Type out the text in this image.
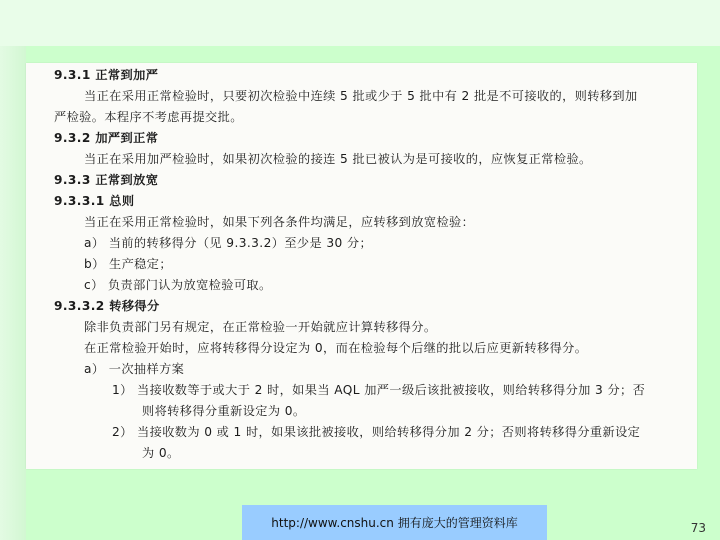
9.3.1 正常到加严
当正在采用正常检验时，只要初次检验中连续 5 批或少于 5 批中有 2 批是不可接收的，则转移到加
严检验。本程序不考虑再提交批。
9.3.2 加严到正常
当正在采用加严检验时，如果初次检验的接连 5 批已被认为是可接收的，应恢复正常检验。
9.3.3 正常到放宽
9.3.3.1 总则
当正在采用正常检验时，如果下列各条件均满足，应转移到放宽检验：
a） 当前的转移得分（见 9.3.3.2）至少是 30 分；
b） 生产稳定；
c） 负责部门认为放宽检验可取。
9.3.3.2 转移得分
除非负责部门另有规定，在正常检验一开始就应计算转移得分。
在正常检验开始时，应将转移得分设定为 0，而在检验每个后继的批以后应更新转移得分。
a） 一次抽样方案
1） 当接收数等于或大于 2 时，如果当 AQL 加严一级后该批被接收，则给转移得分加 3 分；否
则将转移得分重新设定为 0。
2） 当接收数为 0 或 1 时，如果该批被接收，则给转移得分加 2 分；否则将转移得分重新设定
为 0。
http://www.cnshu.cn 拥有庞大的管理资料库	73
